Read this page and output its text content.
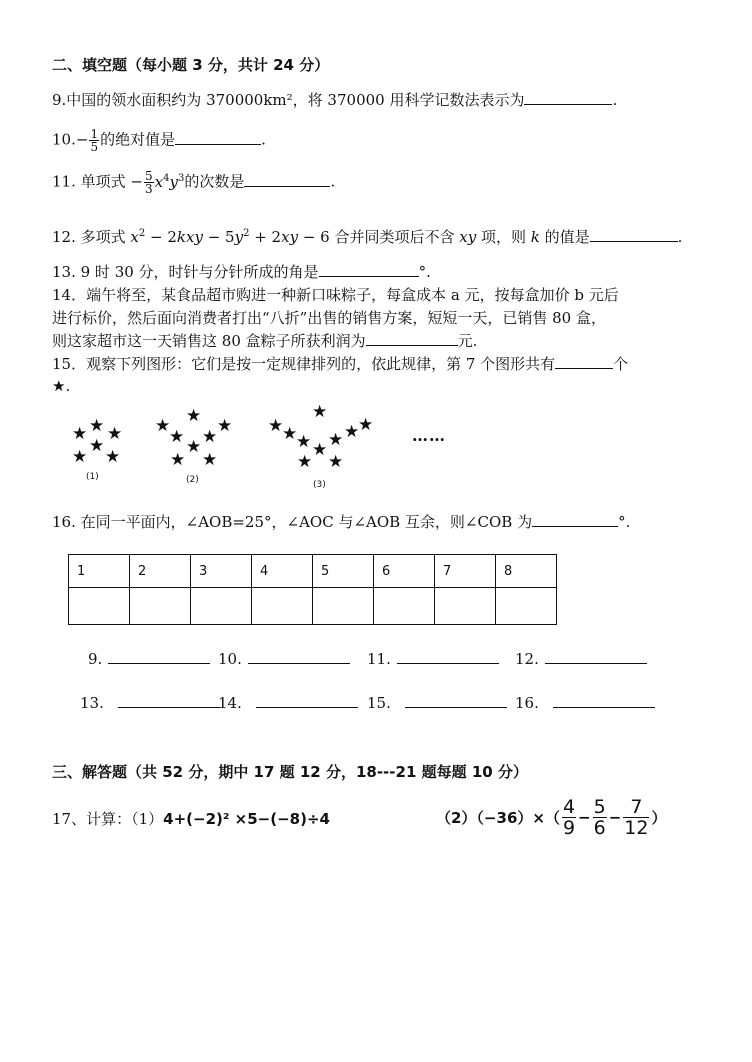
二、填空题（每小题 3 分，共计 24 分）
9.中国的领水面积约为 370000km²，将 370000 用科学记数法表示为	.
$10.- \frac{1}{5}$ 的绝对值是	.
11. 单项式 − $\frac{5}{3} x^4y^3$的次数是	.
12. 多项式 $x^2 - 2kxy - 5y^2 + 2xy - 6$ 合并同类项后不含 xy 项，则 k 的值是	.
13. 9 时 30 分，时针与分针所成的角是	°.
14．端午将至，某食品超市购进一种新口味粽子，每盒成本 a 元，按每盒加价 b 元后
进行标价，然后面向消费者打出“八折”出售的销售方案，短短一天，已销售 80 盒，
则这家超市这一天销售这 80 盒粽子所获利润为	元.
15．观察下列图形：它们是按一定规律排列的，依此规律，第 7 个图形共有	个
★.
★ ★ ★
★
★ ★
(1)
★ ★ ★
★ ★
★
★ ★
(2)
★
★
★
★
★
★ ★
★
★ ★
(3)
……
16. 在同一平面内，∠AOB=25°，∠AOC 与∠AOB 互余，则∠COB 为	°.
1	2	3	4	5	6	7	8

9.	10.	11.	12.
13.	14.	15.	16.
三、解答题（共 52 分，期中 17 题 12 分，18---21 题每题 10 分）
17、计算：（1）4+(−2)² ×5−(−8)÷4	$(2)(-36)\times( \frac{4}{9} - \frac{5}{6} - \frac{7}{12}$ ）
